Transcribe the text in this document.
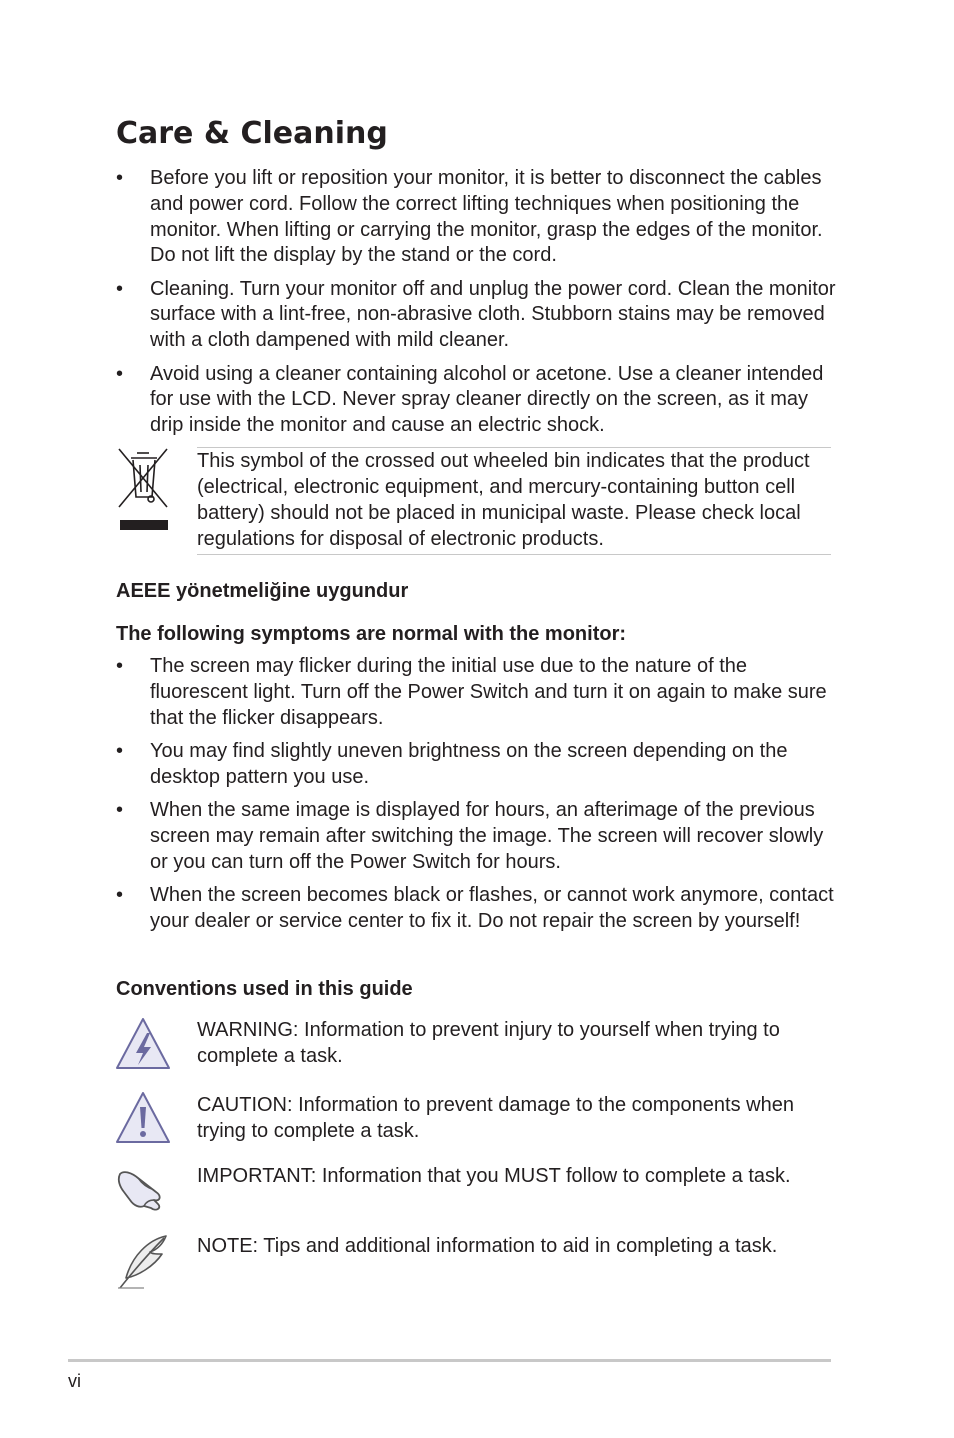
Care & Cleaning
•	Before you lift or reposition your monitor, it is better to disconnect the cables and power cord. Follow the correct lifting techniques when positioning the monitor. When lifting or carrying the monitor, grasp the edges of the monitor. Do not lift the display by the stand or the cord.
•	Cleaning. Turn your monitor off and unplug the power cord. Clean the monitor surface with a lint-free, non-abrasive cloth. Stubborn stains may be removed with a cloth dampened with mild cleaner.
•	Avoid using a cleaner containing alcohol or acetone. Use a cleaner intended for use with the LCD. Never spray cleaner directly on the screen, as it may drip inside the monitor and cause an electric shock.

This symbol of the crossed out wheeled bin indicates that the product (electrical, electronic equipment, and mercury-containing button cell battery) should not be placed in municipal waste. Please check local regulations for disposal of electronic products.

AEEE yönetmeliğine uygundur
The following symptoms are normal with the monitor:
•	The screen may flicker during the initial use due to the nature of the fluorescent light. Turn off the Power Switch and turn it on again to make sure that the flicker disappears.
•	You may find slightly uneven brightness on the screen depending on the desktop pattern you use.
•	When the same image is displayed for hours, an afterimage of the previous screen may remain after switching the image. The screen will recover slowly or you can turn off the Power Switch for hours.
•	When the screen becomes black or flashes, or cannot work anymore, contact your dealer or service center to fix it. Do not repair the screen by yourself!
Conventions used in this guide

WARNING: Information to prevent injury to yourself when trying to complete a task.

CAUTION: Information to prevent damage to the components when trying to complete a task.

IMPORTANT: Information that you MUST follow to complete a task.

NOTE: Tips and additional information to aid in completing a task.

vi
